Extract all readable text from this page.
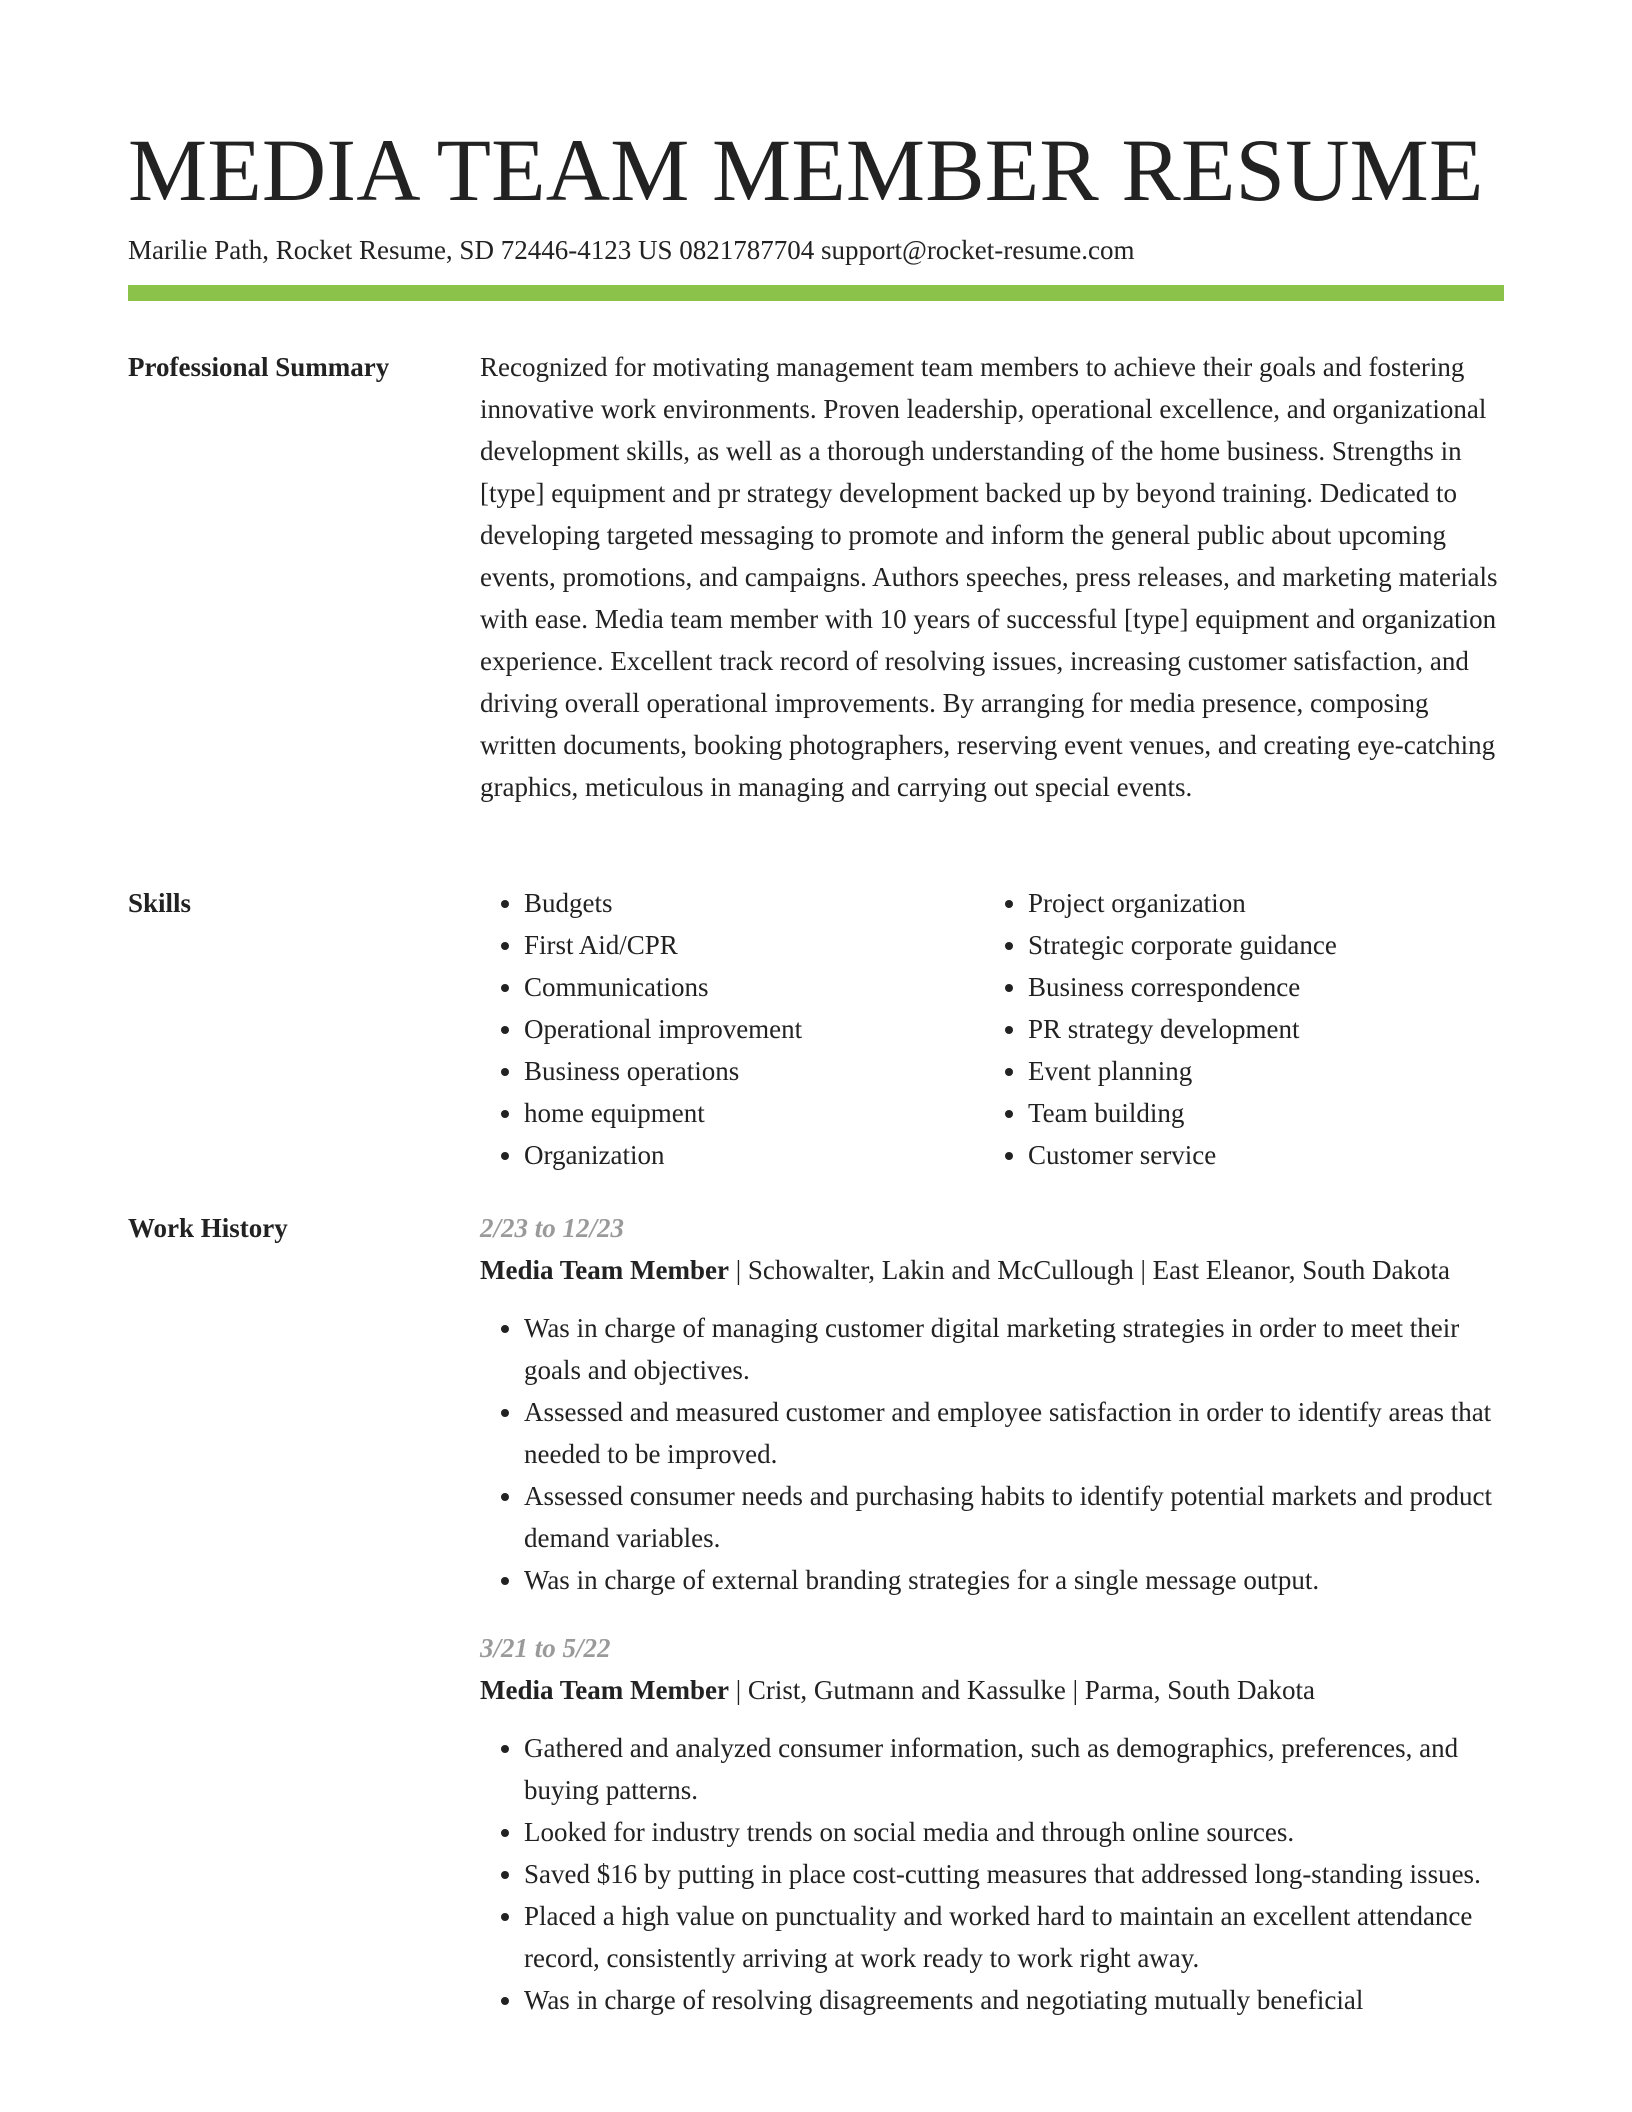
MEDIA TEAM MEMBER RESUME
Marilie Path, Rocket Resume, SD 72446-4123 US 0821787704 support@rocket-resume.com
Professional Summary	Recognized for motivating management team members to achieve their goals and fostering innovative work environments. Proven leadership, operational excellence, and organizational development skills, as well as a thorough understanding of the home business. Strengths in [type] equipment and pr strategy development backed up by beyond training. Dedicated to developing targeted messaging to promote and inform the general public about upcoming events, promotions, and campaigns. Authors speeches, press releases, and marketing materials with ease. Media team member with 10 years of successful [type] equipment and organization experience. Excellent track record of resolving issues, increasing customer satisfaction, and driving overall operational improvements. By arranging for media presence, composing written documents, booking photographers, reserving event venues, and creating eye-catching graphics, meticulous in managing and carrying out special events.

Skills
•	Budgets
• First Aid/CPR
• Communications
• Operational improvement
• Business operations
• home equipment
• Organization
• Project organization
• Strategic corporate guidance
• Business correspondence
• PR strategy development
• Event planning
• Team building
• Customer service
Work History	2/23 to 12/23
Media Team Member | Schowalter, Lakin and McCullough | East Eleanor, South Dakota
• Was in charge of managing customer digital marketing strategies in order to meet their goals and objectives.
• Assessed and measured customer and employee satisfaction in order to identify areas that needed to be improved.
• Assessed consumer needs and purchasing habits to identify potential markets and product demand variables.
• Was in charge of external branding strategies for a single message output.
3/21 to 5/22
Media Team Member | Crist, Gutmann and Kassulke | Parma, South Dakota
• Gathered and analyzed consumer information, such as demographics, preferences, and buying patterns.
• Looked for industry trends on social media and through online sources.
• Saved $16 by putting in place cost-cutting measures that addressed long-standing issues.
• Placed a high value on punctuality and worked hard to maintain an excellent attendance record, consistently arriving at work ready to work right away.
• Was in charge of resolving disagreements and negotiating mutually beneficial
